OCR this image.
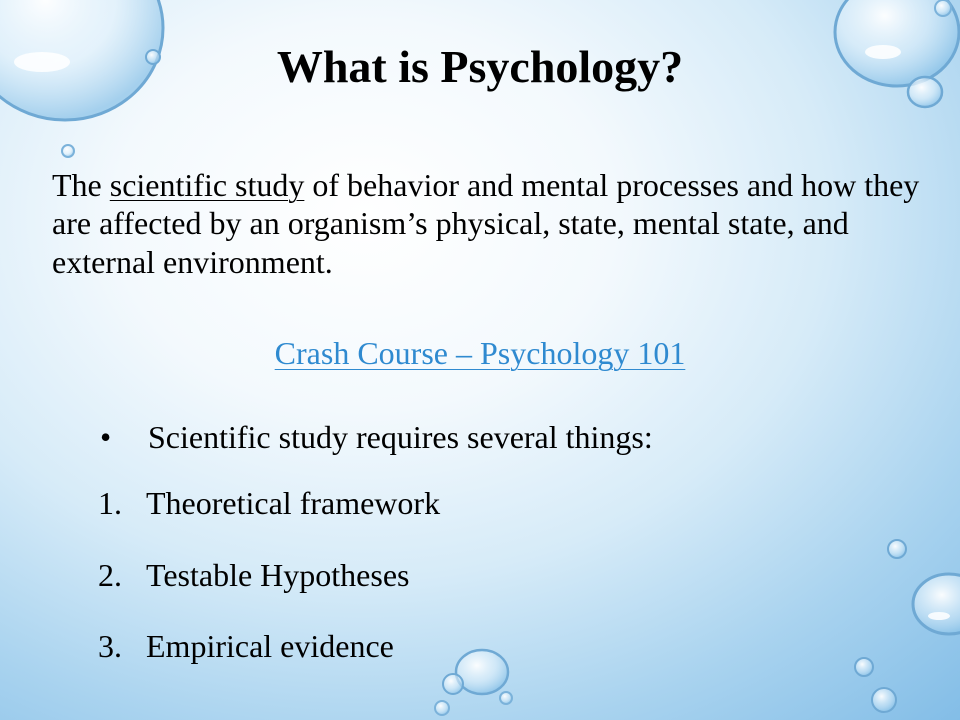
What is Psychology?

The scientific study of behavior and mental processes and how they are affected by an organism’s physical, state, mental state, and external environment.

Crash Course – Psychology 101
• Scientific study requires several things:
1. Theoretical framework
2. Testable Hypotheses
3. Empirical evidence
